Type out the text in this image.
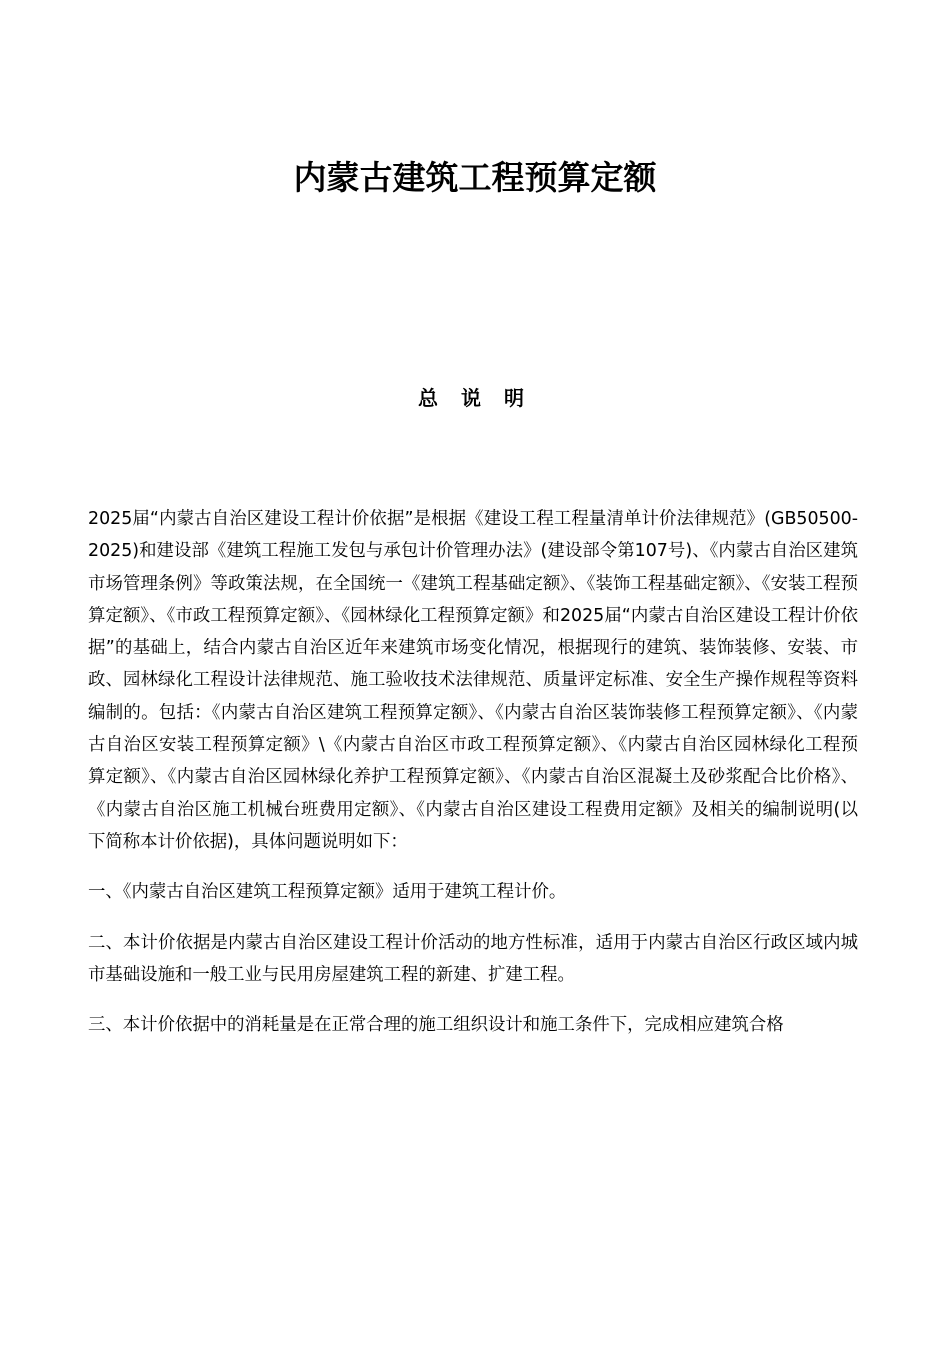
内蒙古建筑工程预算定额
总 说 明

2025届“内蒙古自治区建设工程计价依据”是根据《建设工程工程量清单计价法律规范》(GB50500-2025)和建设部《建筑工程施工发包与承包计价管理办法》(建设部令第107号)、《内蒙古自治区建筑市场管理条例》等政策法规，在全国统一《建筑工程基础定额》、《装饰工程基础定额》、《安装工程预算定额》、《市政工程预算定额》、《园林绿化工程预算定额》和2025届“内蒙古自治区建设工程计价依据”的基础上，结合内蒙古自治区近年来建筑市场变化情况，根据现行的建筑、装饰装修、安装、市政、园林绿化工程设计法律规范、施工验收技术法律规范、质量评定标准、安全生产操作规程等资料编制的。包括：《内蒙古自治区建筑工程预算定额》、《内蒙古自治区装饰装修工程预算定额》、《内蒙古自治区安装工程预算定额》\《内蒙古自治区市政工程预算定额》、《内蒙古自治区园林绿化工程预算定额》、《内蒙古自治区园林绿化养护工程预算定额》、《内蒙古自治区混凝土及砂浆配合比价格》、《内蒙古自治区施工机械台班费用定额》、《内蒙古自治区建设工程费用定额》及相关的编制说明(以下简称本计价依据)，具体问题说明如下：

一、《内蒙古自治区建筑工程预算定额》适用于建筑工程计价。

二、本计价依据是内蒙古自治区建设工程计价活动的地方性标准，适用于内蒙古自治区行政区域内城市基础设施和一般工业与民用房屋建筑工程的新建、扩建工程。

三、本计价依据中的消耗量是在正常合理的施工组织设计和施工条件下，完成相应建筑合格
